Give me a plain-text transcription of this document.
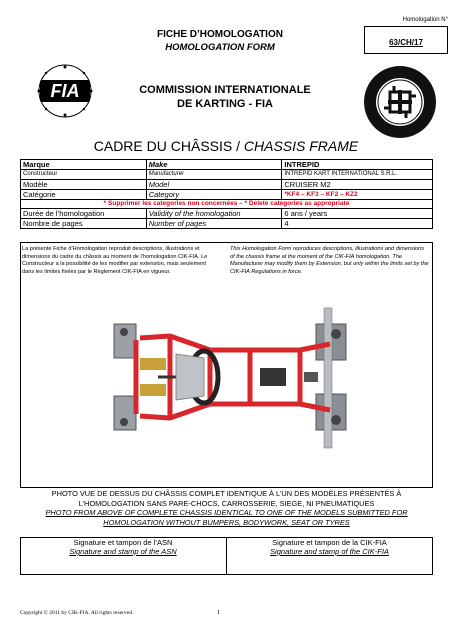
FICHE D’HOMOLOGATION
HOMOLOGATION FORM
Homologation N°
63/CH/17
FIA	COMMISSION INTERNATIONALE
DE KARTING - FIA
CADRE DU CHÂSSIS / CHASSIS FRAME
Marque	Make	INTREPID
Constructeur	Manufacturer	INTREPID KART INTERNATIONAL S.R.L.
Modèle	Model	CRUISER M2
Catégorie	Category	*KF4 – KF3 – KF2 – KZ2
* Supprimer les categories non concernées – * Delete categories as appropriate		
Durée de l’homologation	Validity of the homologation	6 ans / years
Nombre de pages	Number of pages	4
La présente Fiche d’Homologation reproduit descriptions, illustrations et dimensions du cadre du châssis au moment de l’homologation CIK-FIA. Le Constructeur a la possibilité de les modifier par extension, mais seulement dans les limites fixées par le Règlement CIK-FIA en vigueur.
This Homologation Form reproduces descriptions, illustrations and dimensions of the chassis frame at the moment of the CIK-FIA homologation. The Manufacturer may modify them by Extension, but only within the limits set by the CIK-FIA Regulations in force.
PHOTO VUE DE DESSUS DU CHÂSSIS COMPLET IDENTIQUE À L’UN DES MODÈLES PRÉSENTÉS À L’HOMOLOGATION SANS PARE-CHOCS, CARROSSERIE, SIEGE, NI PNEUMATIQUES
PHOTO FROM ABOVE OF COMPLETE CHASSIS IDENTICAL TO ONE OF THE MODELS SUBMITTED FOR HOMOLOGATION WITHOUT BUMPERS, BODYWORK, SEAT OR TYRES
Signature et tampon de l’ASN
Signature and stamp of the ASN
Signature et tampon de la CIK-FIA
Signature and stamp of the CIK-FIA
Copyright © 2011 by CIK-FIA. All rights reserved.	1
